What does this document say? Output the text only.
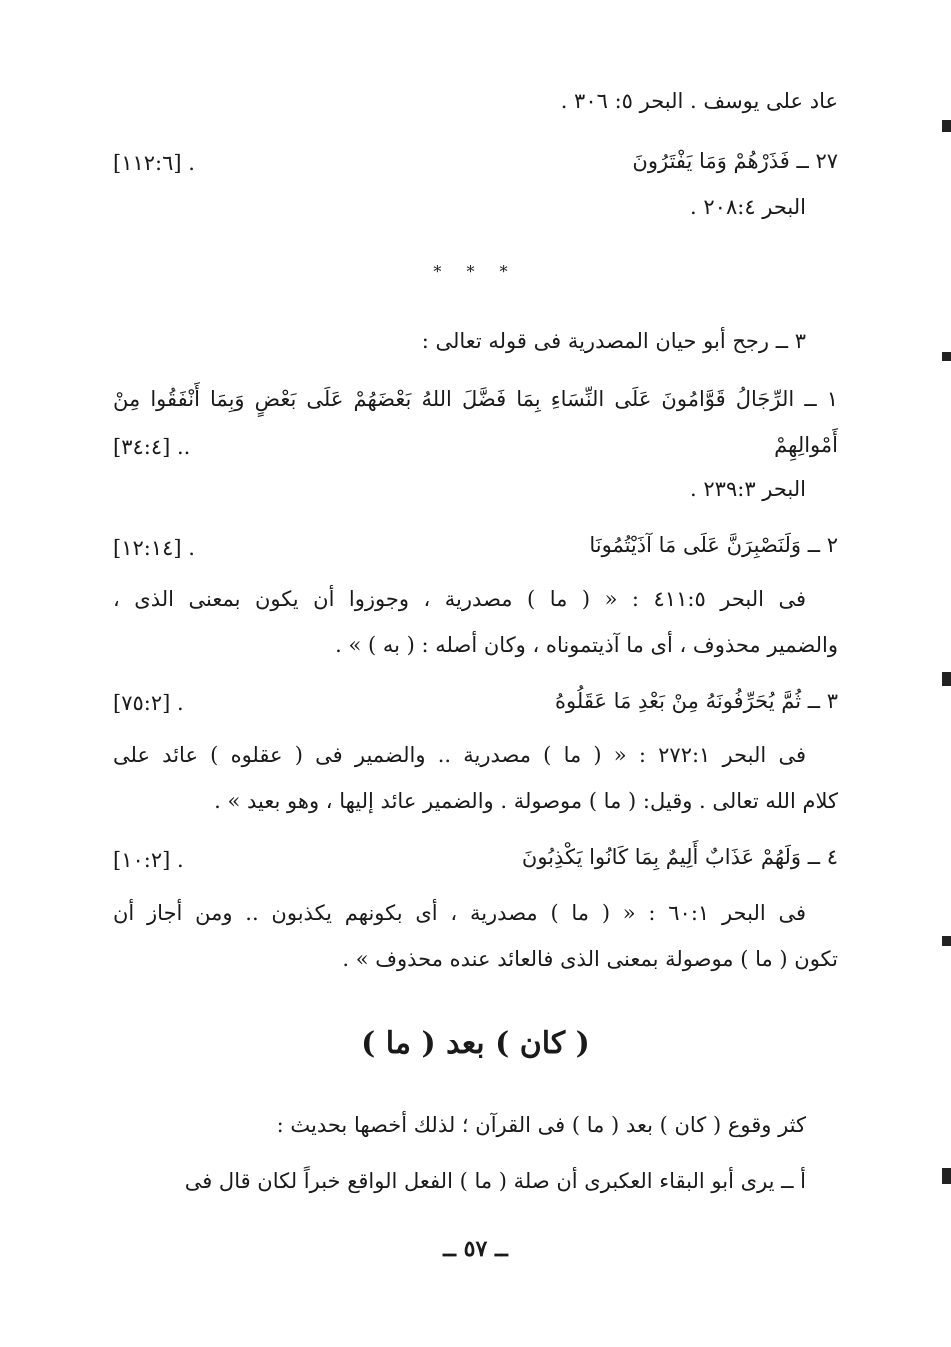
عاد على يوسف . البحر ٥: ٣٠٦ .
٢٧ ــ فَذَرْهُمْ وَمَا يَفْتَرُونَ
[١١٢:٦] .
البحر ٢٠٨:٤ .
* * *
٣ ــ رجح أبو حيان المصدرية فى قوله تعالى :
١ ــ الرِّجَالُ قَوَّامُونَ عَلَى النِّسَاءِ بِمَا فَضَّلَ اللهُ بَعْضَهُمْ عَلَى بَعْضٍ وَبِمَا أَنْفَقُوا مِنْ
أَمْوالِهِمْ
[٣٤:٤] ..
البحر ٢٣٩:٣ .
٢ ــ وَلَنَصْبِرَنَّ عَلَى مَا آذَيْتُمُونَا
[١٢:١٤] .
فى البحر ٤١١:٥ : « ( ما ) مصدرية ، وجوزوا أن يكون بمعنى الذى ،
والضمير محذوف ، أى ما آذيتموناه ، وكان أصله : ( به ) » .
٣ ــ ثُمَّ يُحَرِّفُونَهُ مِنْ بَعْدِ مَا عَقَلُوهُ
[٧٥:٢] .
فى البحر ٢٧٢:١ : « ( ما ) مصدرية .. والضمير فى ( عقلوه ) عائد على
كلام الله تعالى . وقيل: ( ما ) موصولة . والضمير عائد إليها ، وهو بعيد » .
٤ ــ وَلَهُمْ عَذَابٌ أَلِيمٌ بِمَا كَانُوا يَكْذِبُونَ
[١٠:٢] .
فى البحر ٦٠:١ : « ( ما ) مصدرية ، أى بكونهم يكذبون .. ومن أجاز أن
تكون ( ما ) موصولة بمعنى الذى فالعائد عنده محذوف » .
( كان ) بعد ( ما )
كثر وقوع ( كان ) بعد ( ما ) فى القرآن ؛ لذلك أخصها بحديث :
أ ــ يرى أبو البقاء العكبرى أن صلة ( ما ) الفعل الواقع خبراً لكان قال فى
ــ ٥٧ ــ
